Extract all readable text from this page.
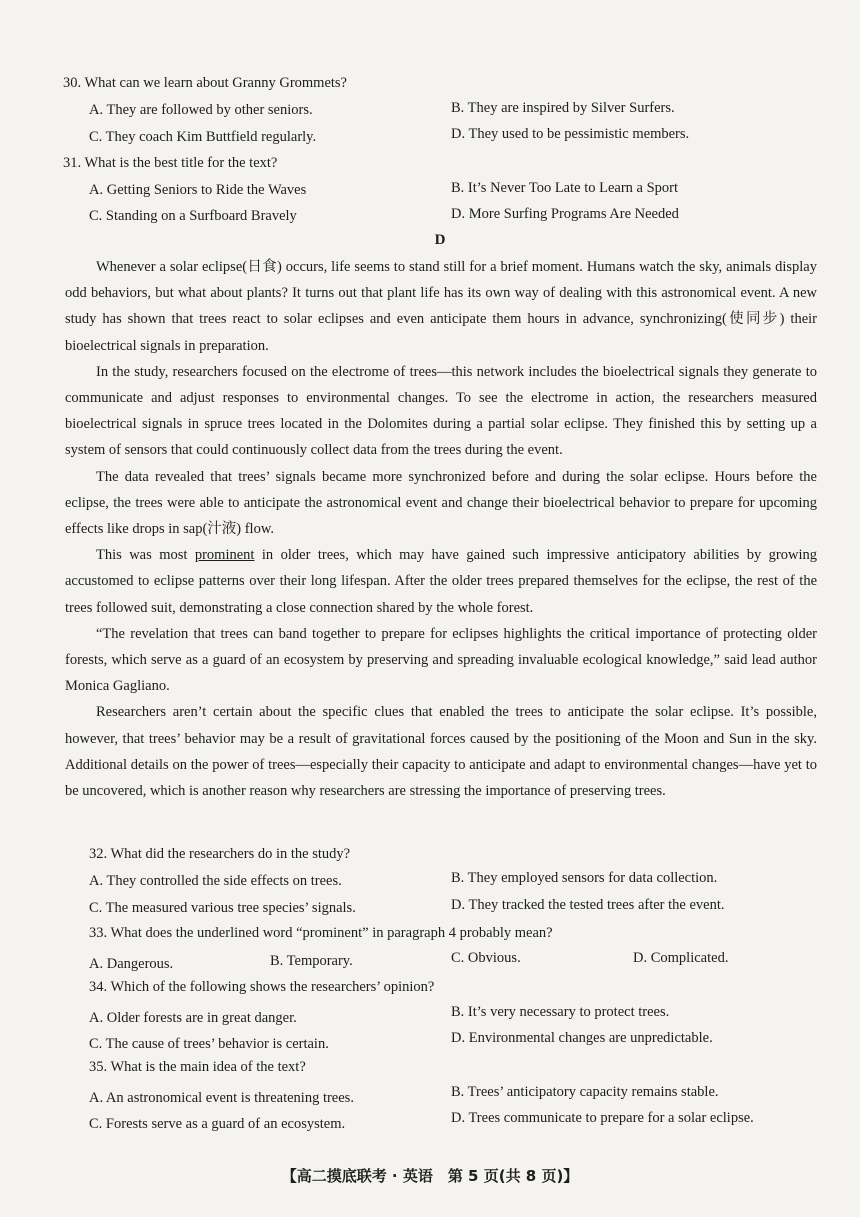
30. What can we learn about Granny Grommets?
A. They are followed by other seniors.	B. They are inspired by Silver Surfers.
C. They coach Kim Buttfield regularly.	D. They used to be pessimistic members.
31. What is the best title for the text?
A. Getting Seniors to Ride the Waves	B. It’s Never Too Late to Learn a Sport
C. Standing on a Surfboard Bravely	D. More Surfing Programs Are Needed
D

Whenever a solar eclipse(日食) occurs, life seems to stand still for a brief moment. Humans watch the sky, animals display odd behaviors, but what about plants? It turns out that plant life has its own way of dealing with this astronomical event. A new study has shown that trees react to solar eclipses and even anticipate them hours in advance, synchronizing(使同步) their bioelectrical signals in preparation.

In the study, researchers focused on the electrome of trees—this network includes the bioelectrical signals they generate to communicate and adjust responses to environmental changes. To see the electrome in action, the researchers measured bioelectrical signals in spruce trees located in the Dolomites during a partial solar eclipse. They finished this by setting up a system of sensors that could continuously collect data from the trees during the event.

The data revealed that trees’ signals became more synchronized before and during the solar eclipse. Hours before the eclipse, the trees were able to anticipate the astronomical event and change their bioelectrical behavior to prepare for upcoming effects like drops in sap(汁液) flow.

This was most prominent in older trees, which may have gained such impressive anticipatory abilities by growing accustomed to eclipse patterns over their long lifespan. After the older trees prepared themselves for the eclipse, the rest of the trees followed suit, demonstrating a close connection shared by the whole forest.

“The revelation that trees can band together to prepare for eclipses highlights the critical importance of protecting older forests, which serve as a guard of an ecosystem by preserving and spreading invaluable ecological knowledge,” said lead author Monica Gagliano.

Researchers aren’t certain about the specific clues that enabled the trees to anticipate the solar eclipse. It’s possible, however, that trees’ behavior may be a result of gravitational forces caused by the positioning of the Moon and Sun in the sky. Additional details on the power of trees—especially their capacity to anticipate and adapt to environmental changes—have yet to be uncovered, which is another reason why researchers are stressing the importance of preserving trees.

32. What did the researchers do in the study?
A. They controlled the side effects on trees.	B. They employed sensors for data collection.
C. The measured various tree species’ signals.	D. They tracked the tested trees after the event.
33. What does the underlined word “prominent” in paragraph 4 probably mean?
A. Dangerous.	B. Temporary.	C. Obvious.	D. Complicated.
34. Which of the following shows the researchers’ opinion?
A. Older forests are in great danger.	B. It’s very necessary to protect trees.
C. The cause of trees’ behavior is certain.	D. Environmental changes are unpredictable.
35. What is the main idea of the text?
A. An astronomical event is threatening trees.	B. Trees’ anticipatory capacity remains stable.
C. Forests serve as a guard of an ecosystem.	D. Trees communicate to prepare for a solar eclipse.
【高二摸底联考 · 英语　第 5 页(共 8 页)】
